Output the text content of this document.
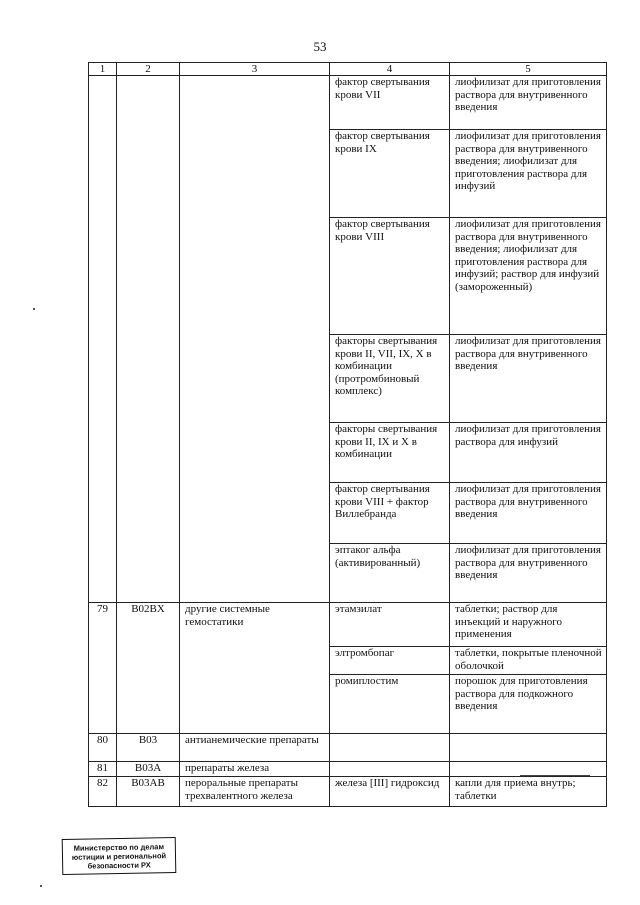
53
1	2	3	4	5
			фактор свертывания крови VII	лиофилизат для приготовления раствора для внутривенного введения
			фактор свертывания крови IX	лиофилизат для приготовления раствора для внутривенного введения; лиофилизат для приготовления раствора для инфузий
			фактор свертывания крови VIII	лиофилизат для приготовления раствора для внутривенного введения; лиофилизат для приготовления раствора для инфузий; раствор для инфузий (замороженный)
			факторы свертывания крови II, VII, IX, X в комбинации (протромбиновый комплекс)	лиофилизат для приготовления раствора для внутривенного введения
			факторы свертывания крови II, IX и X в комбинации	лиофилизат для приготовления раствора для инфузий
			фактор свертывания крови VIII + фактор Виллебранда	лиофилизат для приготовления раствора для внутривенного введения
			эптаког альфа (активированный)	лиофилизат для приготовления раствора для внутривенного введения
79	B02BX	другие системные гемостатики	этамзилат	таблетки; раствор для инъекций и наружного применения
			элтромбопаг	таблетки, покрытые пленочной оболочкой
			ромиплостим	порошок для приготовления раствора для подкожного введения
80	B03	антианемические препараты		
81	B03A	препараты железа		
82	B03AB	пероральные препараты трехвалентного железа	железа [III] гидроксид	капли для приема внутрь; таблетки
Министерство по делам
юстиции и региональной
безопасности РХ
